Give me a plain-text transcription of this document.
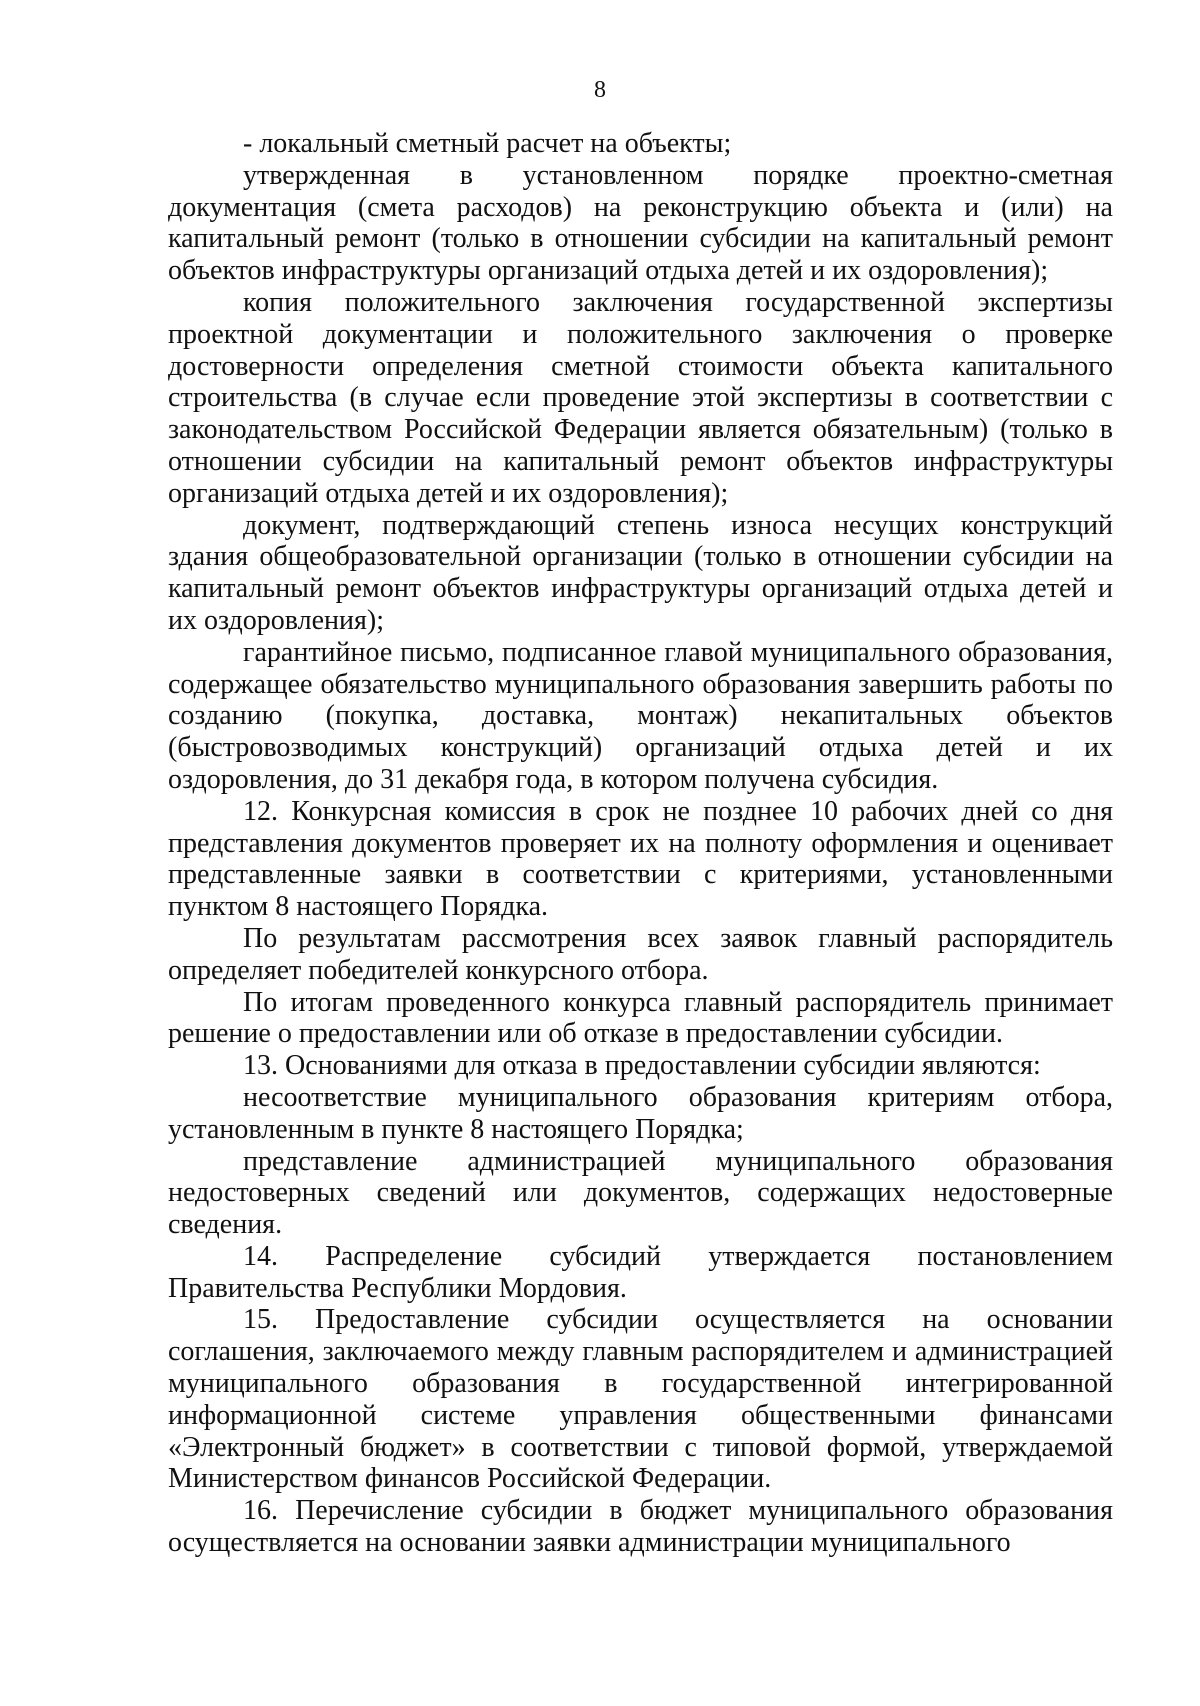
8

- локальный сметный расчет на объекты;

утвержденная в установленном порядке проектно-сметная документация (смета расходов) на реконструкцию объекта и (или) на капитальный ремонт (только в отношении субсидии на капитальный ремонт объектов инфраструктуры организаций отдыха детей и их оздоровления);

копия положительного заключения государственной экспертизы проектной документации и положительного заключения о проверке достоверности определения сметной стоимости объекта капитального строительства (в случае если проведение этой экспертизы в соответствии с законодательством Российской Федерации является обязательным) (только в отношении субсидии на капитальный ремонт объектов инфраструктуры организаций отдыха детей и их оздоровления);

документ, подтверждающий степень износа несущих конструкций здания общеобразовательной организации (только в отношении субсидии на капитальный ремонт объектов инфраструктуры организаций отдыха детей и их оздоровления);

гарантийное письмо, подписанное главой муниципального образования, содержащее обязательство муниципального образования завершить работы по созданию (покупка, доставка, монтаж) некапитальных объектов (быстровозводимых конструкций) организаций отдыха детей и их оздоровления, до 31 декабря года, в котором получена субсидия.

12. Конкурсная комиссия в срок не позднее 10 рабочих дней со дня представления документов проверяет их на полноту оформления и оценивает представленные заявки в соответствии с критериями, установленными пунктом 8 настоящего Порядка.

По результатам рассмотрения всех заявок главный распорядитель определяет победителей конкурсного отбора.

По итогам проведенного конкурса главный распорядитель принимает решение о предоставлении или об отказе в предоставлении субсидии.

13. Основаниями для отказа в предоставлении субсидии являются:

несоответствие муниципального образования критериям отбора, установленным в пункте 8 настоящего Порядка;

представление администрацией муниципального образования недостоверных сведений или документов, содержащих недостоверные сведения.

14. Распределение субсидий утверждается постановлением Правительства Республики Мордовия.

15. Предоставление субсидии осуществляется на основании соглашения, заключаемого между главным распорядителем и администрацией муниципального образования в государственной интегрированной информационной системе управления общественными финансами «Электронный бюджет» в соответствии с типовой формой, утверждаемой Министерством финансов Российской Федерации.

16. Перечисление субсидии в бюджет муниципального образования осуществляется на основании заявки администрации муниципального
